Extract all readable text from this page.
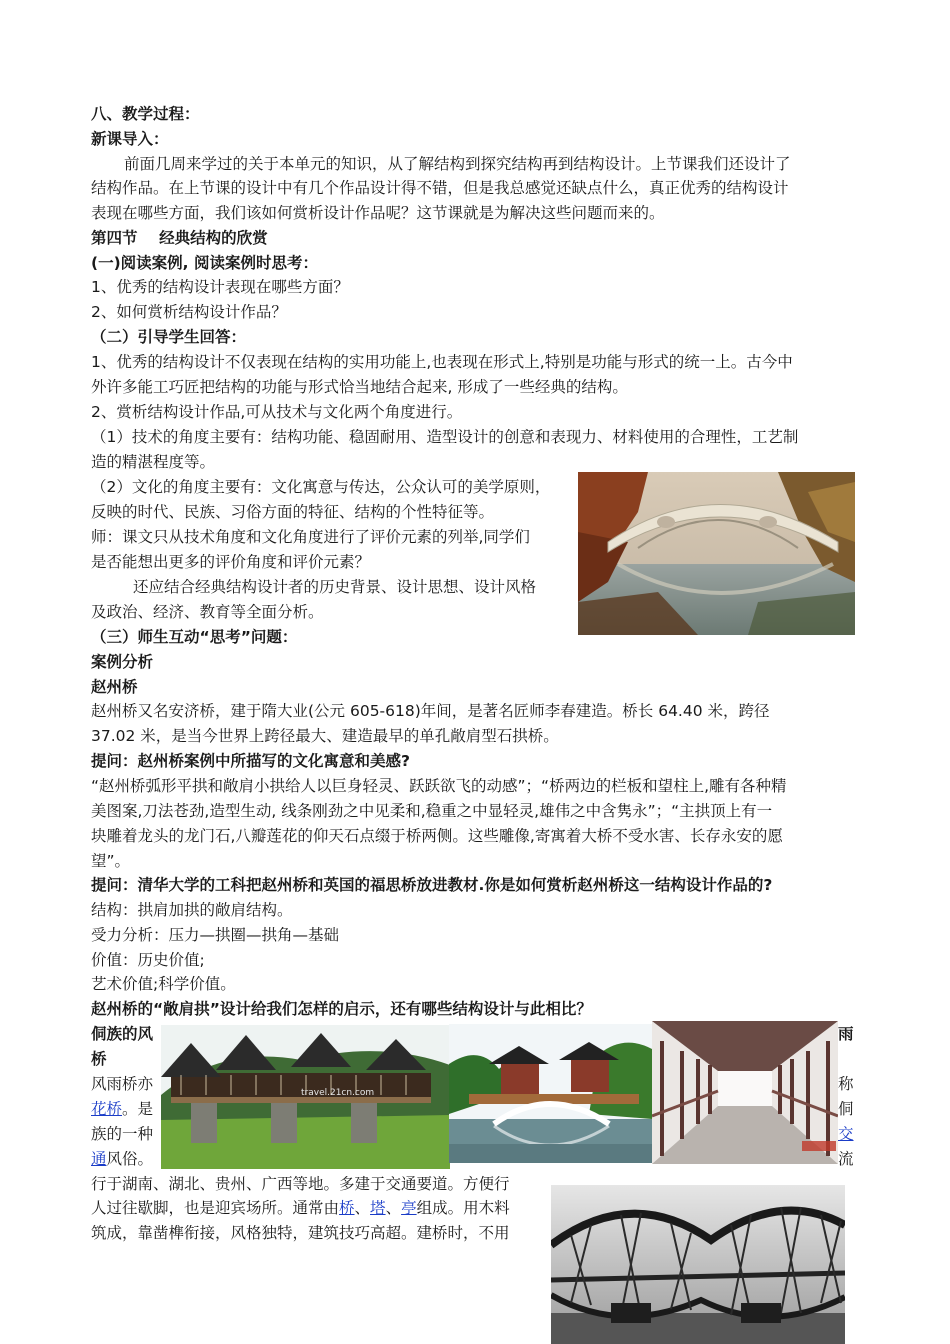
八、教学过程：
新课导入：
前面几周来学过的关于本单元的知识，从了解结构到探究结构再到结构设计。上节课我们还设计了
结构作品。在上节课的设计中有几个作品设计得不错，但是我总感觉还缺点什么，真正优秀的结构设计
表现在哪些方面，我们该如何赏析设计作品呢？这节课就是为解决这些问题而来的。
第四节    经典结构的欣赏
(一)阅读案例, 阅读案例时思考：
1、优秀的结构设计表现在哪些方面？
2、如何赏析结构设计作品？
（二）引导学生回答：
1、优秀的结构设计不仅表现在结构的实用功能上,也表现在形式上,特别是功能与形式的统一上。古今中
外许多能工巧匠把结构的功能与形式恰当地结合起来, 形成了一些经典的结构。
2、赏析结构设计作品,可从技术与文化两个角度进行。
（1）技术的角度主要有：结构功能、稳固耐用、造型设计的创意和表现力、材料使用的合理性，工艺制
造的精湛程度等。
（2）文化的角度主要有：文化寓意与传达，公众认可的美学原则，
反映的时代、民族、习俗方面的特征、结构的个性特征等。
师：课文只从技术角度和文化角度进行了评价元素的列举,同学们
是否能想出更多的评价角度和评价元素？
还应结合经典结构设计者的历史背景、设计思想、设计风格
及政治、经济、教育等全面分析。
（三）师生互动“思考”问题：
案例分析
赵州桥
赵州桥又名安济桥，建于隋大业(公元 605-618)年间，是著名匠师李春建造。桥长 64.40 米，跨径
37.02 米，是当今世界上跨径最大、建造最早的单孔敞肩型石拱桥。
提问：赵州桥案例中所描写的文化寓意和美感?
“赵州桥弧形平拱和敞肩小拱给人以巨身轻灵、跃跃欲飞的动感”；“桥两边的栏板和望柱上,雕有各种精
美图案,刀法苍劲,造型生动, 线条刚劲之中见柔和,稳重之中显轻灵,雄伟之中含隽永”；“主拱顶上有一
块雕着龙头的龙门石,八瓣莲花的仰天石点缀于桥两侧。这些雕像,寄寓着大桥不受水害、长存永安的愿
望”。
提问：清华大学的工科把赵州桥和英国的福思桥放进教材.你是如何赏析赵州桥这一结构设计作品的?
结构：拱肩加拱的敞肩结构。
受力分析：压力—拱圈—拱角—基础
价值：历史价值;
艺术价值;科学价值。
赵州桥的“敞肩拱”设计给我们怎样的启示，还有哪些结构设计与此相比？
侗族的风	雨
桥
风雨桥亦	称
花桥。是	侗
族的一种	交
通风俗。	流
行于湖南、湖北、贵州、广西等地。多建于交通要道。方便行
人过往歇脚，也是迎宾场所。通常由桥、塔、亭组成。用木料
筑成，靠凿榫衔接，风格独特，建筑技巧高超。建桥时，不用
travel.21cn.com
